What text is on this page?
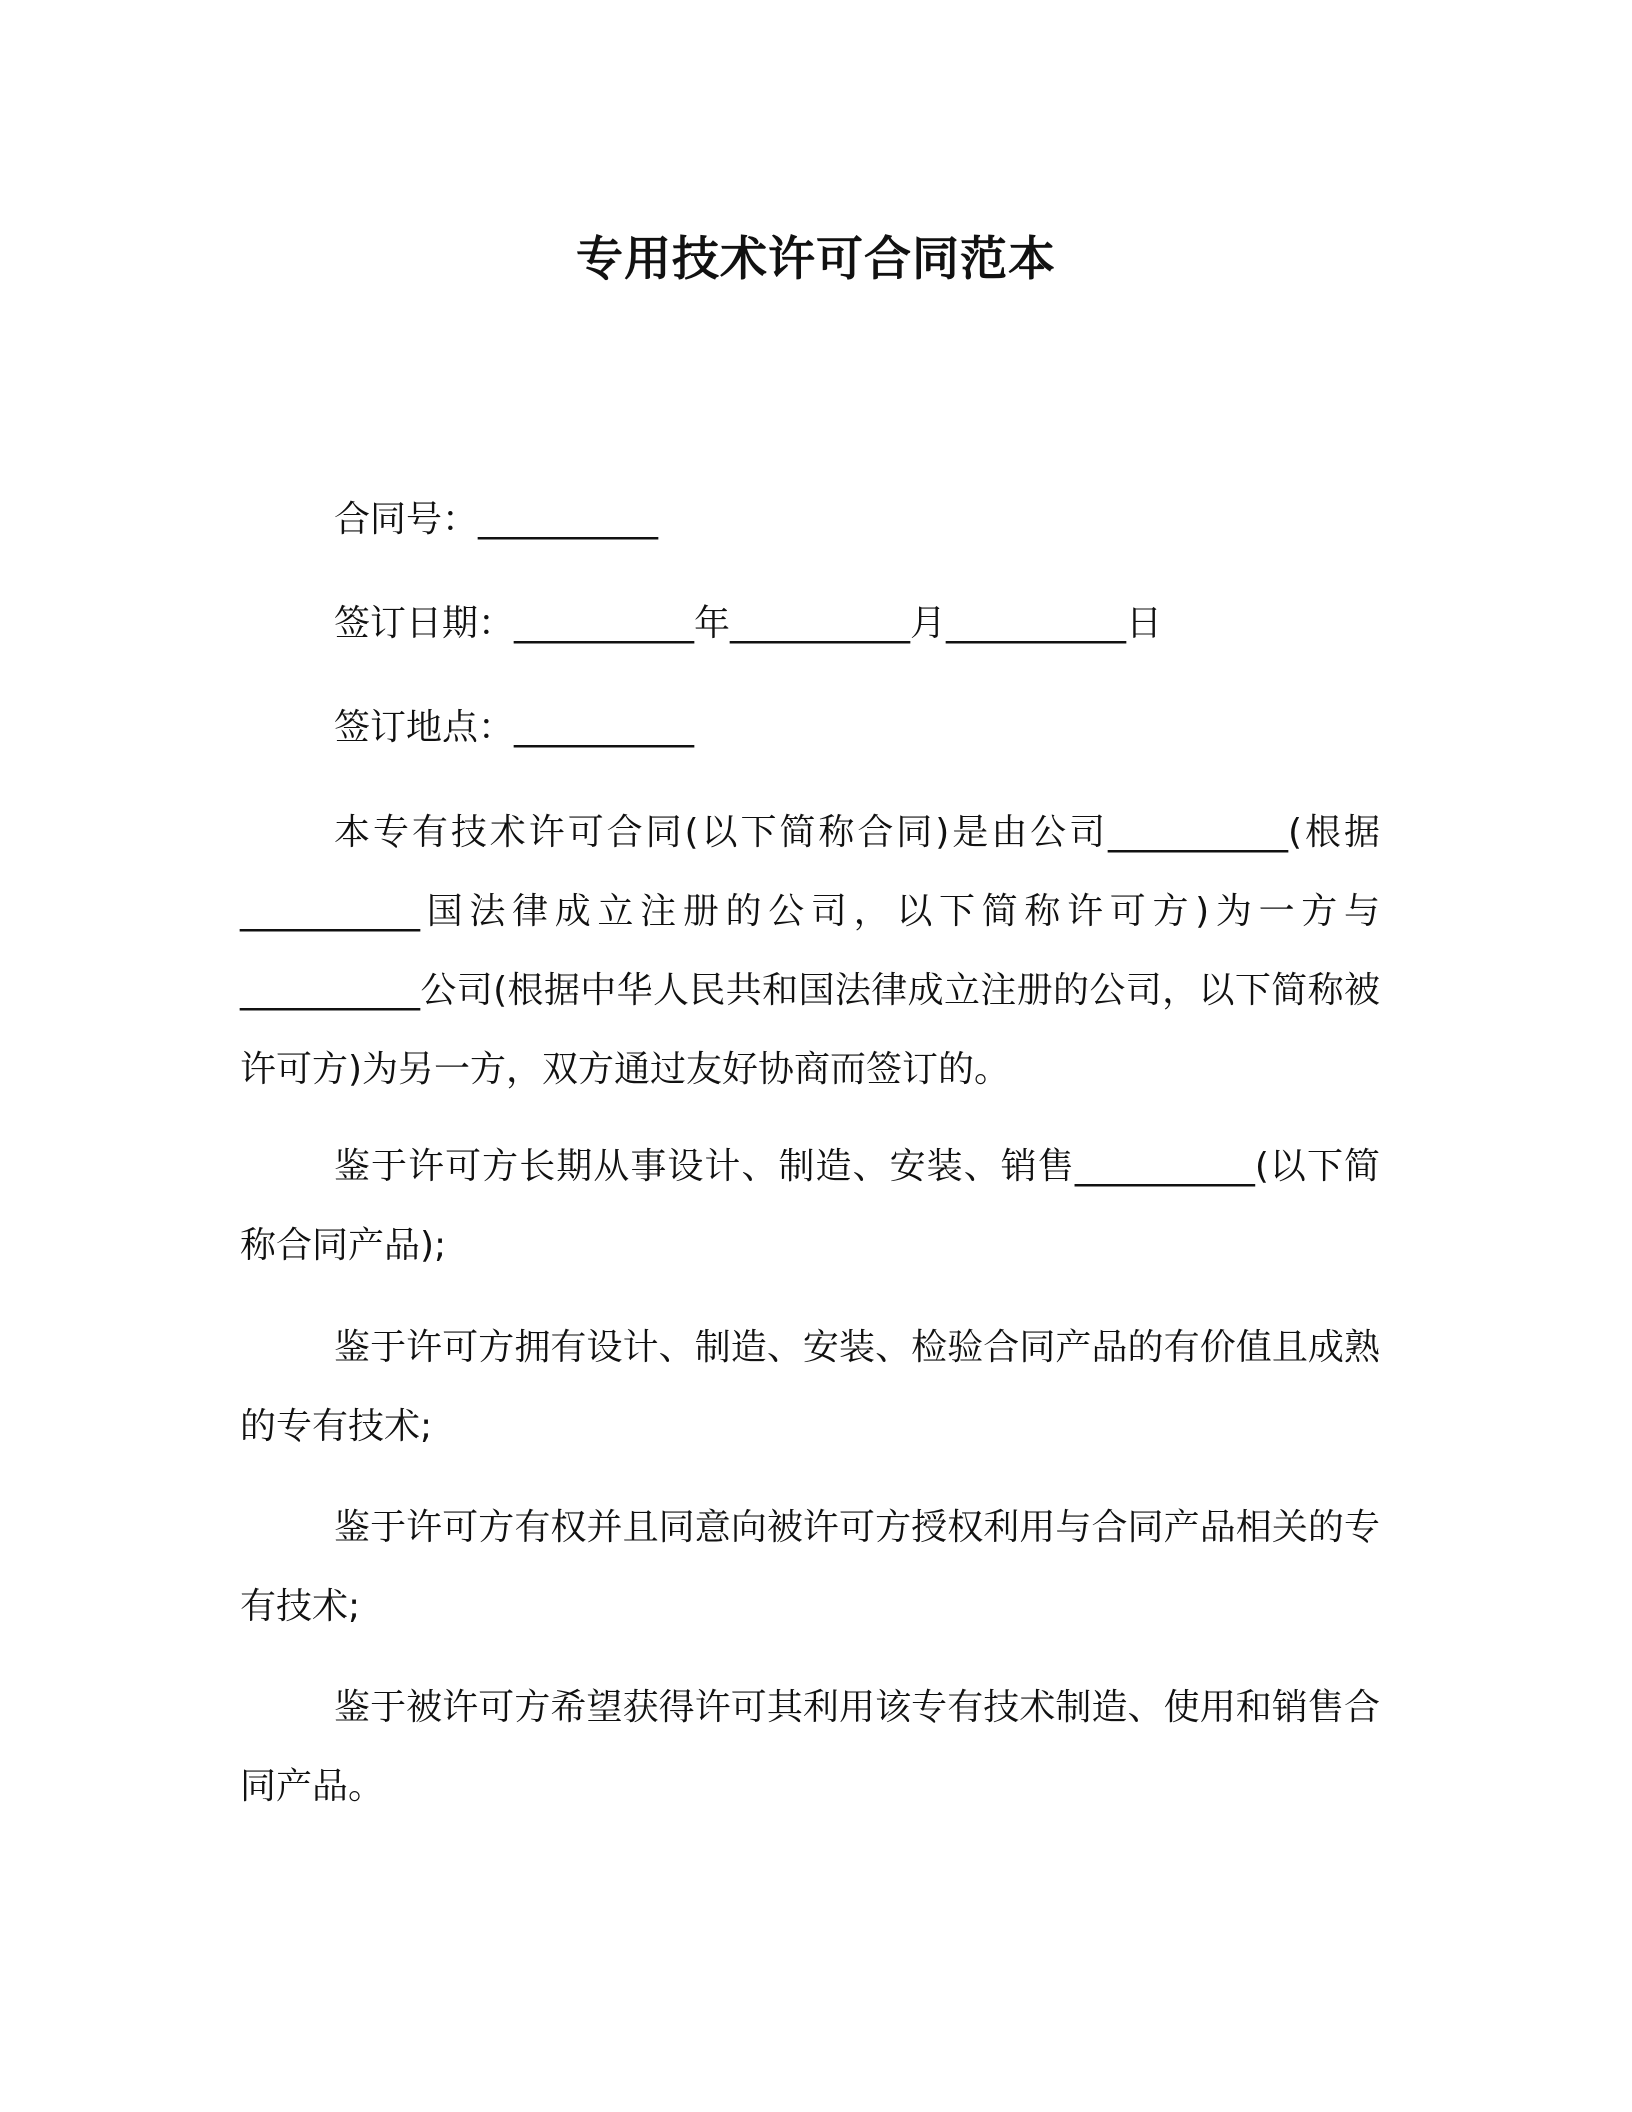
专用技术许可合同范本
合同号：__________
签订日期：__________年__________月__________日
签订地点：__________

本专有技术许可合同(以下简称合同)是由公司__________(根据__________国法律成立注册的公司，以下简称许可方)为一方与__________公司(根据中华人民共和国法律成立注册的公司，以下简称被许可方)为另一方，双方通过友好协商而签订的。

鉴于许可方长期从事设计、制造、安装、销售__________(以下简称合同产品);

鉴于许可方拥有设计、制造、安装、检验合同产品的有价值且成熟的专有技术;

鉴于许可方有权并且同意向被许可方授权利用与合同产品相关的专有技术;

鉴于被许可方希望获得许可其利用该专有技术制造、使用和销售合同产品。
